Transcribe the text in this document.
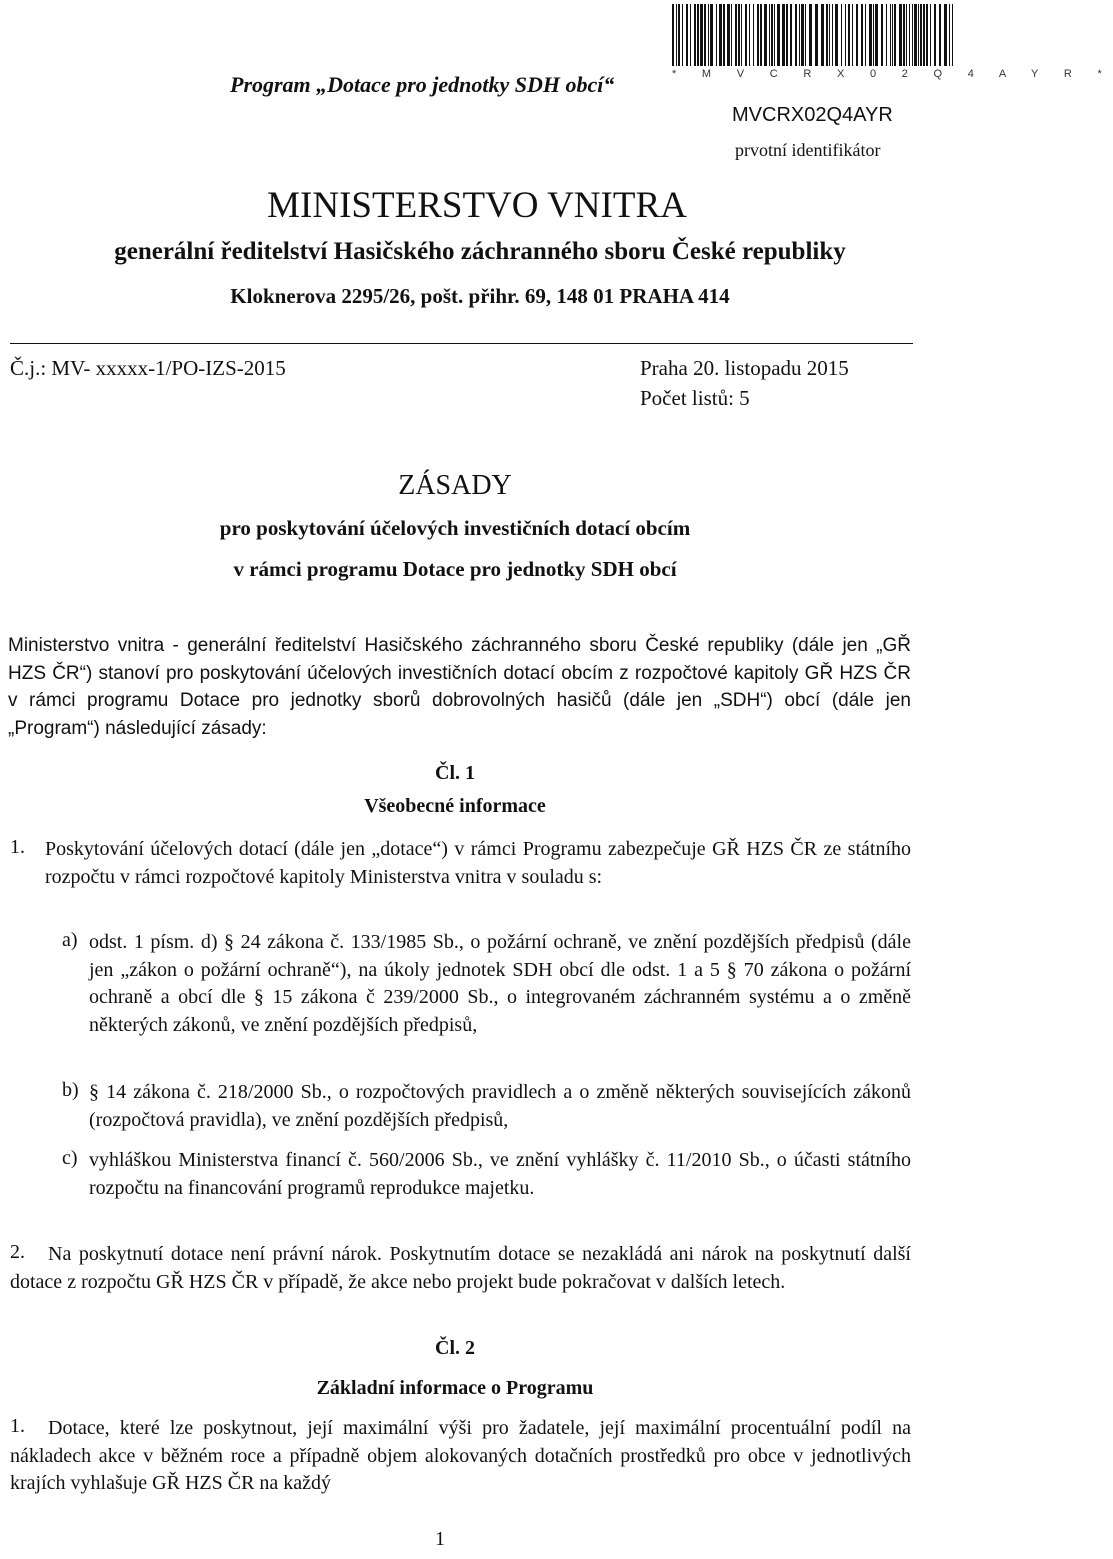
Program „Dotace pro jednotky SDH obcí“	* M V C R X 0 2 Q 4 A Y R *
MVCRX02Q4AYR
prvotní identifikátor
MINISTERSTVO VNITRA
generální ředitelství Hasičského záchranného sboru České republiky
Kloknerova 2295/26, pošt. přihr. 69, 148 01 PRAHA 414
Č.j.: MV- xxxxx-1/PO-IZS-2015	Praha 20. listopadu 2015
Počet listů: 5
ZÁSADY
pro poskytování účelových investičních dotací obcím
v rámci programu Dotace pro jednotky SDH obcí
Ministerstvo vnitra - generální ředitelství Hasičského záchranného sboru České republiky (dále jen „GŘ HZS ČR“) stanoví pro poskytování účelových investičních dotací obcím z rozpočtové kapitoly GŘ HZS ČR v rámci programu Dotace pro jednotky sborů dobrovolných hasičů (dále jen „SDH“) obcí (dále jen „Program“) následující zásady:
Čl. 1
Všeobecné informace
1. Poskytování účelových dotací (dále jen „dotace“) v rámci Programu zabezpečuje GŘ HZS ČR ze státního rozpočtu v rámci rozpočtové kapitoly Ministerstva vnitra v souladu s:
a) odst. 1 písm. d) § 24 zákona č. 133/1985 Sb., o požární ochraně, ve znění pozdějších předpisů (dále jen „zákon o požární ochraně“), na úkoly jednotek SDH obcí dle odst. 1 a 5 § 70 zákona o požární ochraně a obcí dle § 15 zákona č 239/2000 Sb., o integrovaném záchranném systému a o změně některých zákonů, ve znění pozdějších předpisů,
b) § 14 zákona č. 218/2000 Sb., o rozpočtových pravidlech a o změně některých souvisejících zákonů (rozpočtová pravidla), ve znění pozdějších předpisů,
c) vyhláškou Ministerstva financí č. 560/2006 Sb., ve znění vyhlášky č. 11/2010 Sb., o účasti státního rozpočtu na financování programů reprodukce majetku.
2.	Na poskytnutí dotace není právní nárok. Poskytnutím dotace se nezakládá ani nárok na poskytnutí další dotace z rozpočtu GŘ HZS ČR v případě, že akce nebo projekt bude pokračovat v dalších letech.
Čl. 2
Základní informace o Programu
1.	Dotace, které lze poskytnout, její maximální výši pro žadatele, její maximální procentuální podíl na nákladech akce v běžném roce a případně objem alokovaných dotačních prostředků pro obce v jednotlivých krajích vyhlašuje GŘ HZS ČR na každý
1
